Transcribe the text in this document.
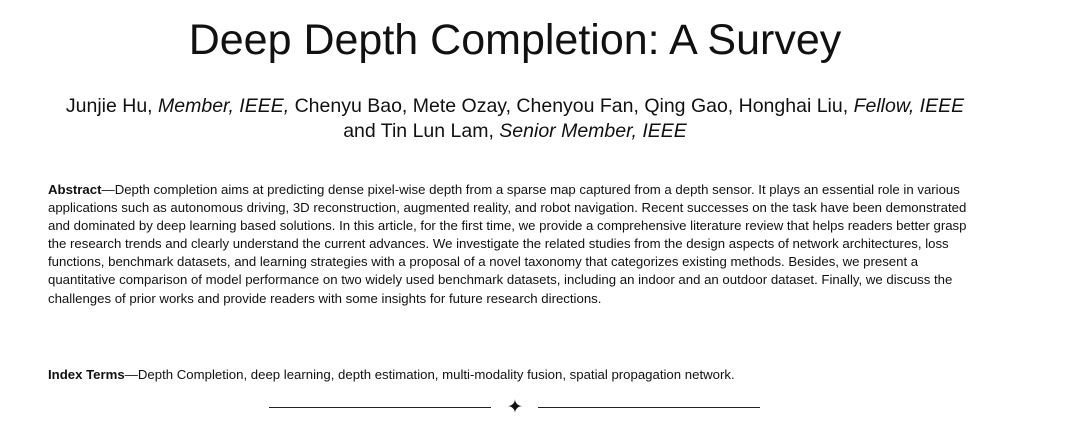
Deep Depth Completion: A Survey
Junjie Hu, Member, IEEE, Chenyu Bao, Mete Ozay, Chenyou Fan, Qing Gao, Honghai Liu, Fellow, IEEE
and Tin Lun Lam, Senior Member, IEEE

Abstract—Depth completion aims at predicting dense pixel-wise depth from a sparse map captured from a depth sensor. It plays an essential role in various applications such as autonomous driving, 3D reconstruction, augmented reality, and robot navigation. Recent successes on the task have been demonstrated and dominated by deep learning based solutions. In this article, for the first time, we provide a comprehensive literature review that helps readers better grasp the research trends and clearly understand the current advances. We investigate the related studies from the design aspects of network architectures, loss functions, benchmark datasets, and learning strategies with a proposal of a novel taxonomy that categorizes existing methods. Besides, we present a quantitative comparison of model performance on two widely used benchmark datasets, including an indoor and an outdoor dataset. Finally, we discuss the challenges of prior works and provide readers with some insights for future research directions.

Index Terms—Depth Completion, deep learning, depth estimation, multi-modality fusion, spatial propagation network.

✦
